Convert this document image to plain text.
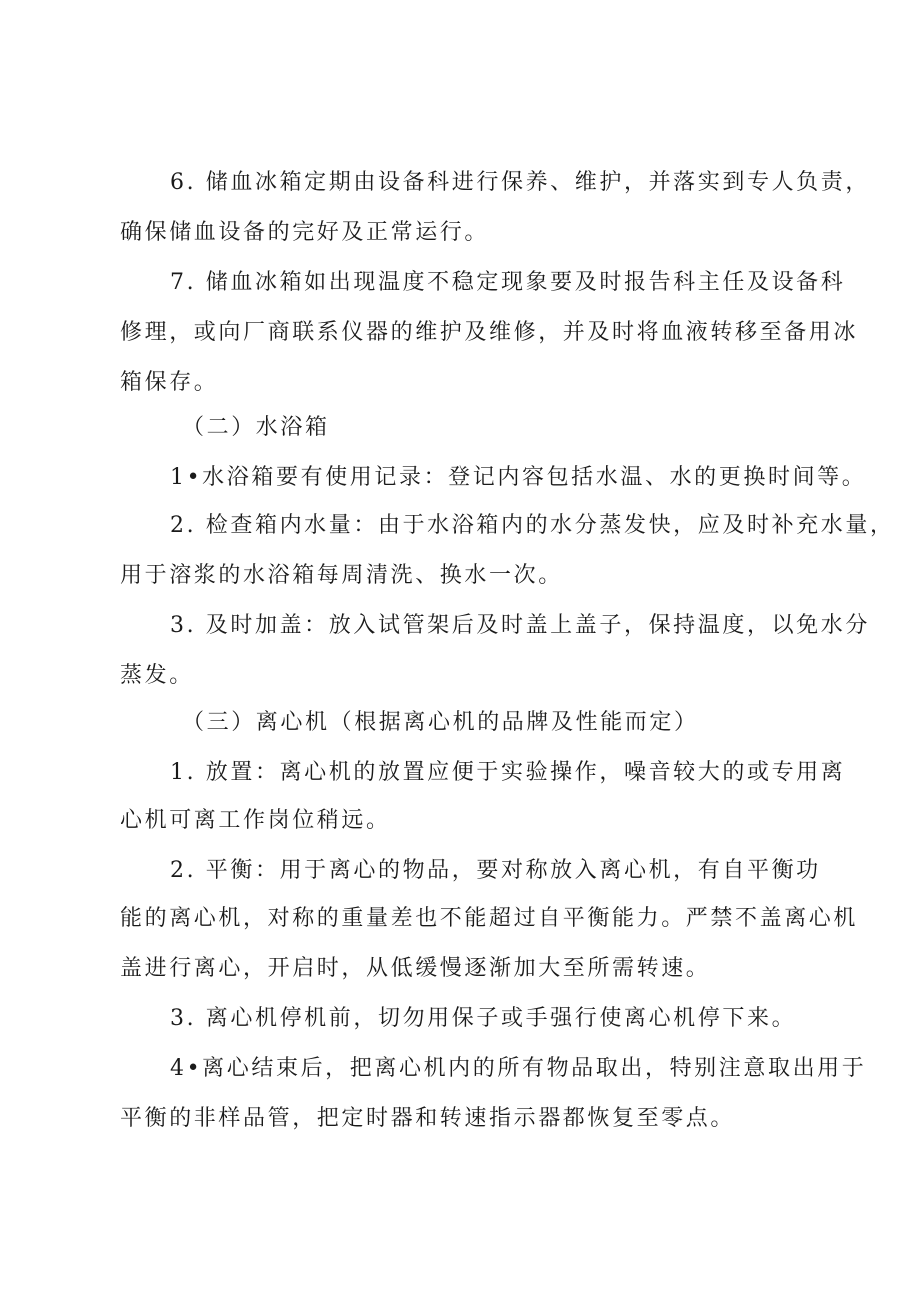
6. 储血冰箱定期由设备科进行保养、维护，并落实到专人负责，
确保储血设备的完好及正常运行。
7. 储血冰箱如出现温度不稳定现象要及时报告科主任及设备科
修理，或向厂商联系仪器的维护及维修，并及时将血液转移至备用冰
箱保存。
（二）水浴箱
1•水浴箱要有使用记录：登记内容包括水温、水的更换时间等。
2. 检查箱内水量：由于水浴箱内的水分蒸发快，应及时补充水量，
用于溶浆的水浴箱每周清洗、换水一次。
3. 及时加盖：放入试管架后及时盖上盖子，保持温度，以免水分
蒸发。
（三）离心机（根据离心机的品牌及性能而定）
1. 放置：离心机的放置应便于实验操作，噪音较大的或专用离
心机可离工作岗位稍远。
2. 平衡：用于离心的物品，要对称放入离心机，有自平衡功
能的离心机，对称的重量差也不能超过自平衡能力。严禁不盖离心机
盖进行离心，开启时，从低缓慢逐渐加大至所需转速。
3. 离心机停机前，切勿用保子或手强行使离心机停下来。
4•离心结束后，把离心机内的所有物品取出，特别注意取出用于
平衡的非样品管，把定时器和转速指示器都恢复至零点。
